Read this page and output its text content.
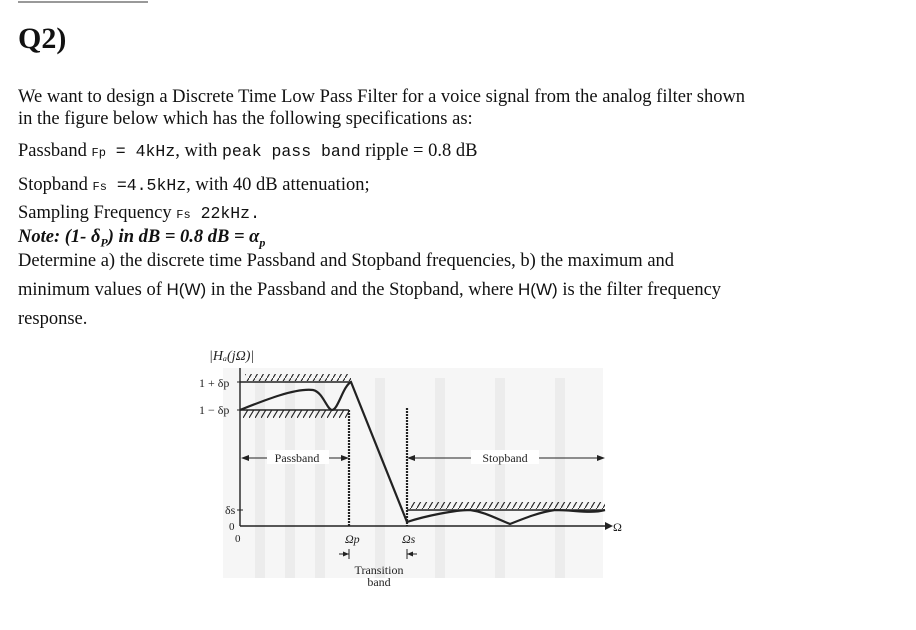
Q2)
We want to design a Discrete Time Low Pass Filter for a voice signal from the analog filter shown
in the figure below which has the following specifications as:
Passband Fp = 4kHz, with peak pass band ripple = 0.8 dB
Stopband Fs =4.5kHz, with 40 dB attenuation;
Sampling Frequency Fs 22kHz.
Note: (1- $\delta_P$) in dB = 0.8 dB = $\alpha_p$
Determine a) the discrete time Passband and Stopband frequencies, b) the maximum and
minimum values of H(W) in the Passband and the Stopband, where H(W) is the filter frequency
response.
Passband	Stopband
|Hₐ(jΩ)|
1 + δp
1 − δp
δs
0
0	Ωp	Ωs
Ω
Transition
band
